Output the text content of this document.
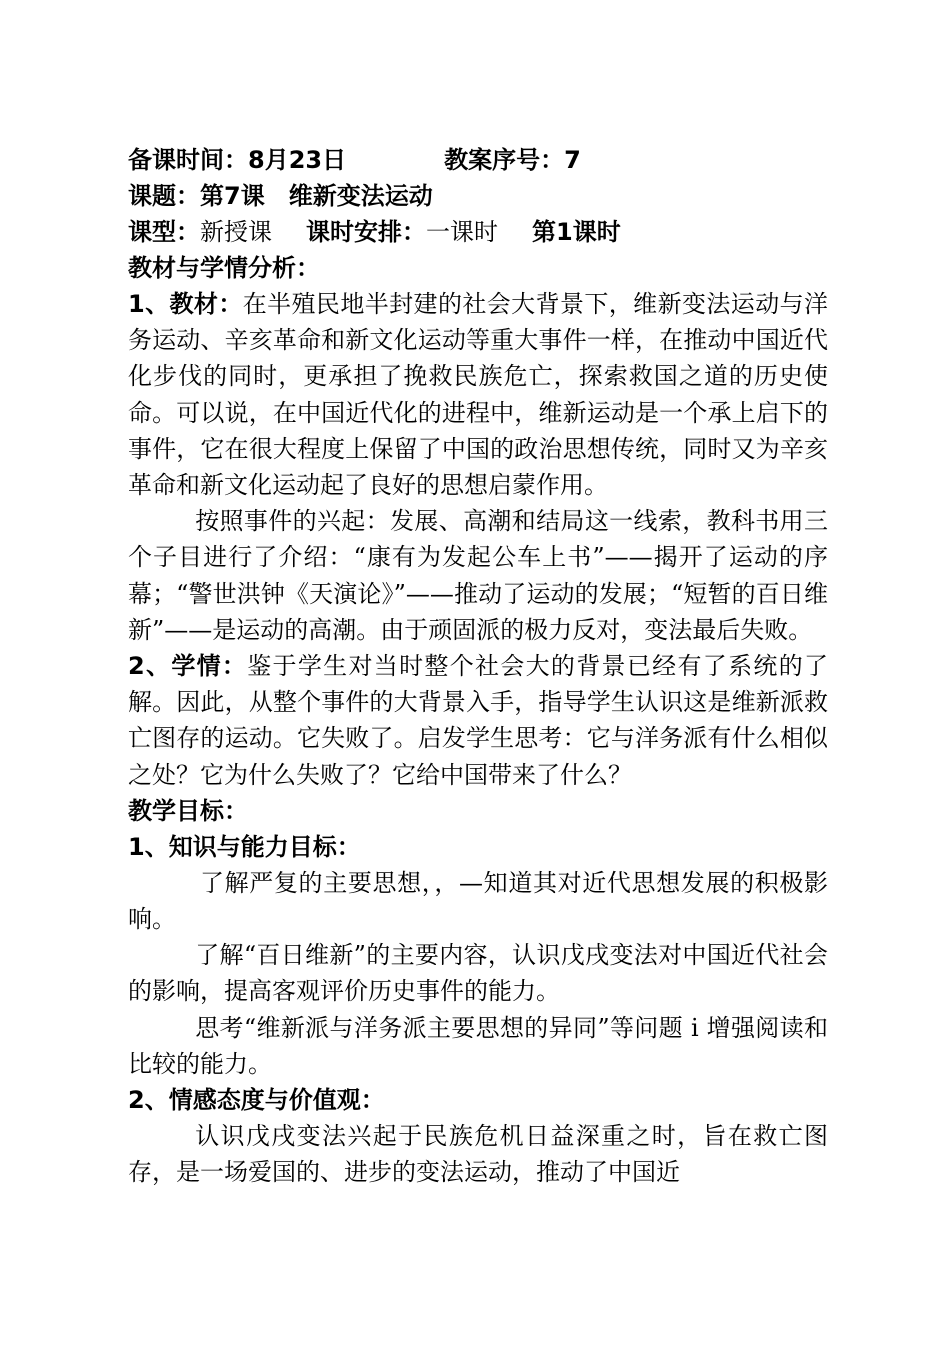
备课时间：8月23日	教案序号：7
课题：第7课　维新变法运动
课型：新授课 课时安排：一课时 第1课时
教材与学情分析：
1、教材：在半殖民地半封建的社会大背景下，维新变法运动与洋务运动、辛亥革命和新文化运动等重大事件一样，在推动中国近代化步伐的同时，更承担了挽救民族危亡，探索救国之道的历史使命。可以说，在中国近代化的进程中，维新运动是一个承上启下的事件，它在很大程度上保留了中国的政治思想传统，同时又为辛亥革命和新文化运动起了良好的思想启蒙作用。
按照事件的兴起：发展、高潮和结局这一线索，教科书用三个子目进行了介绍：“康有为发起公车上书”——揭开了运动的序幕；“警世洪钟《天演论》”——推动了运动的发展；“短暂的百日维新”——是运动的高潮。由于顽固派的极力反对，变法最后失败。
2、学情：鉴于学生对当时整个社会大的背景已经有了系统的了解。因此，从整个事件的大背景入手，指导学生认识这是维新派救亡图存的运动。它失败了。启发学生思考：它与洋务派有什么相似之处？它为什么失败了？它给中国带来了什么？
教学目标：
1、知识与能力目标：
了解严复的主要思想，，—知道其对近代思想发展的积极影响。
了解“百日维新”的主要内容，认识戊戌变法对中国近代社会的影响，提高客观评价历史事件的能力。
思考“维新派与洋务派主要思想的异同”等问题 i 增强阅读和比较的能力。
2、情感态度与价值观：
认识戊戌变法兴起于民族危机日益深重之时，旨在救亡图存，是一场爱国的、进步的变法运动，推动了中国近
